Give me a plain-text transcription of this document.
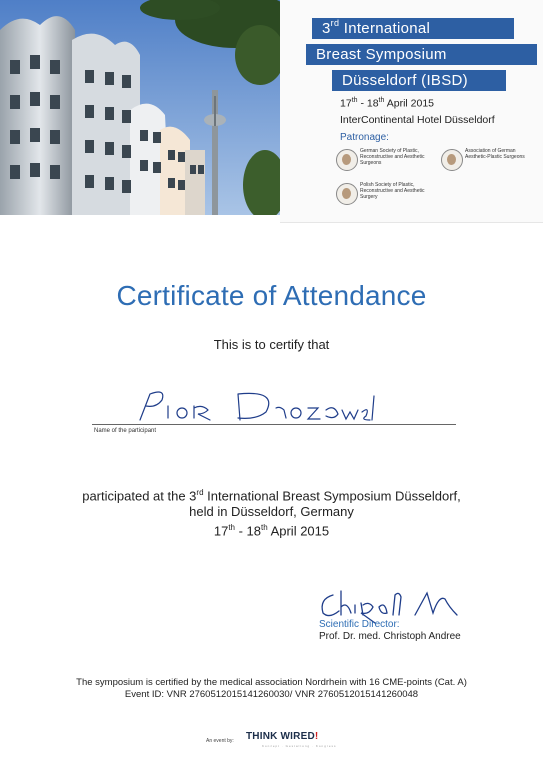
3rd International
Breast Symposium
Düsseldorf (IBSD)
17th - 18th April 2015
InterContinental Hotel Düsseldorf
Patronage:
German Society of Plastic, Reconstructive and Aesthetic Surgeons
Association of German Aesthetic-Plastic Surgeons
Polish Society of Plastic, Reconstructive and Aesthetic Surgery
Certificate of Attendance
This is to certify that
Name of the participant
participated at the 3rd International Breast Symposium Düsseldorf,
held in Düsseldorf, Germany
17th - 18th April 2015
Scientific Director:
Prof. Dr. med. Christoph Andree
The symposium is certified by the medical association Nordrhein with 16 CME-points (Cat. A)
Event ID: VNR 2760512015141260030/ VNR 2760512015141260048
An event by: THINK WIRED!
Konzept · Gestaltung · Kongress
